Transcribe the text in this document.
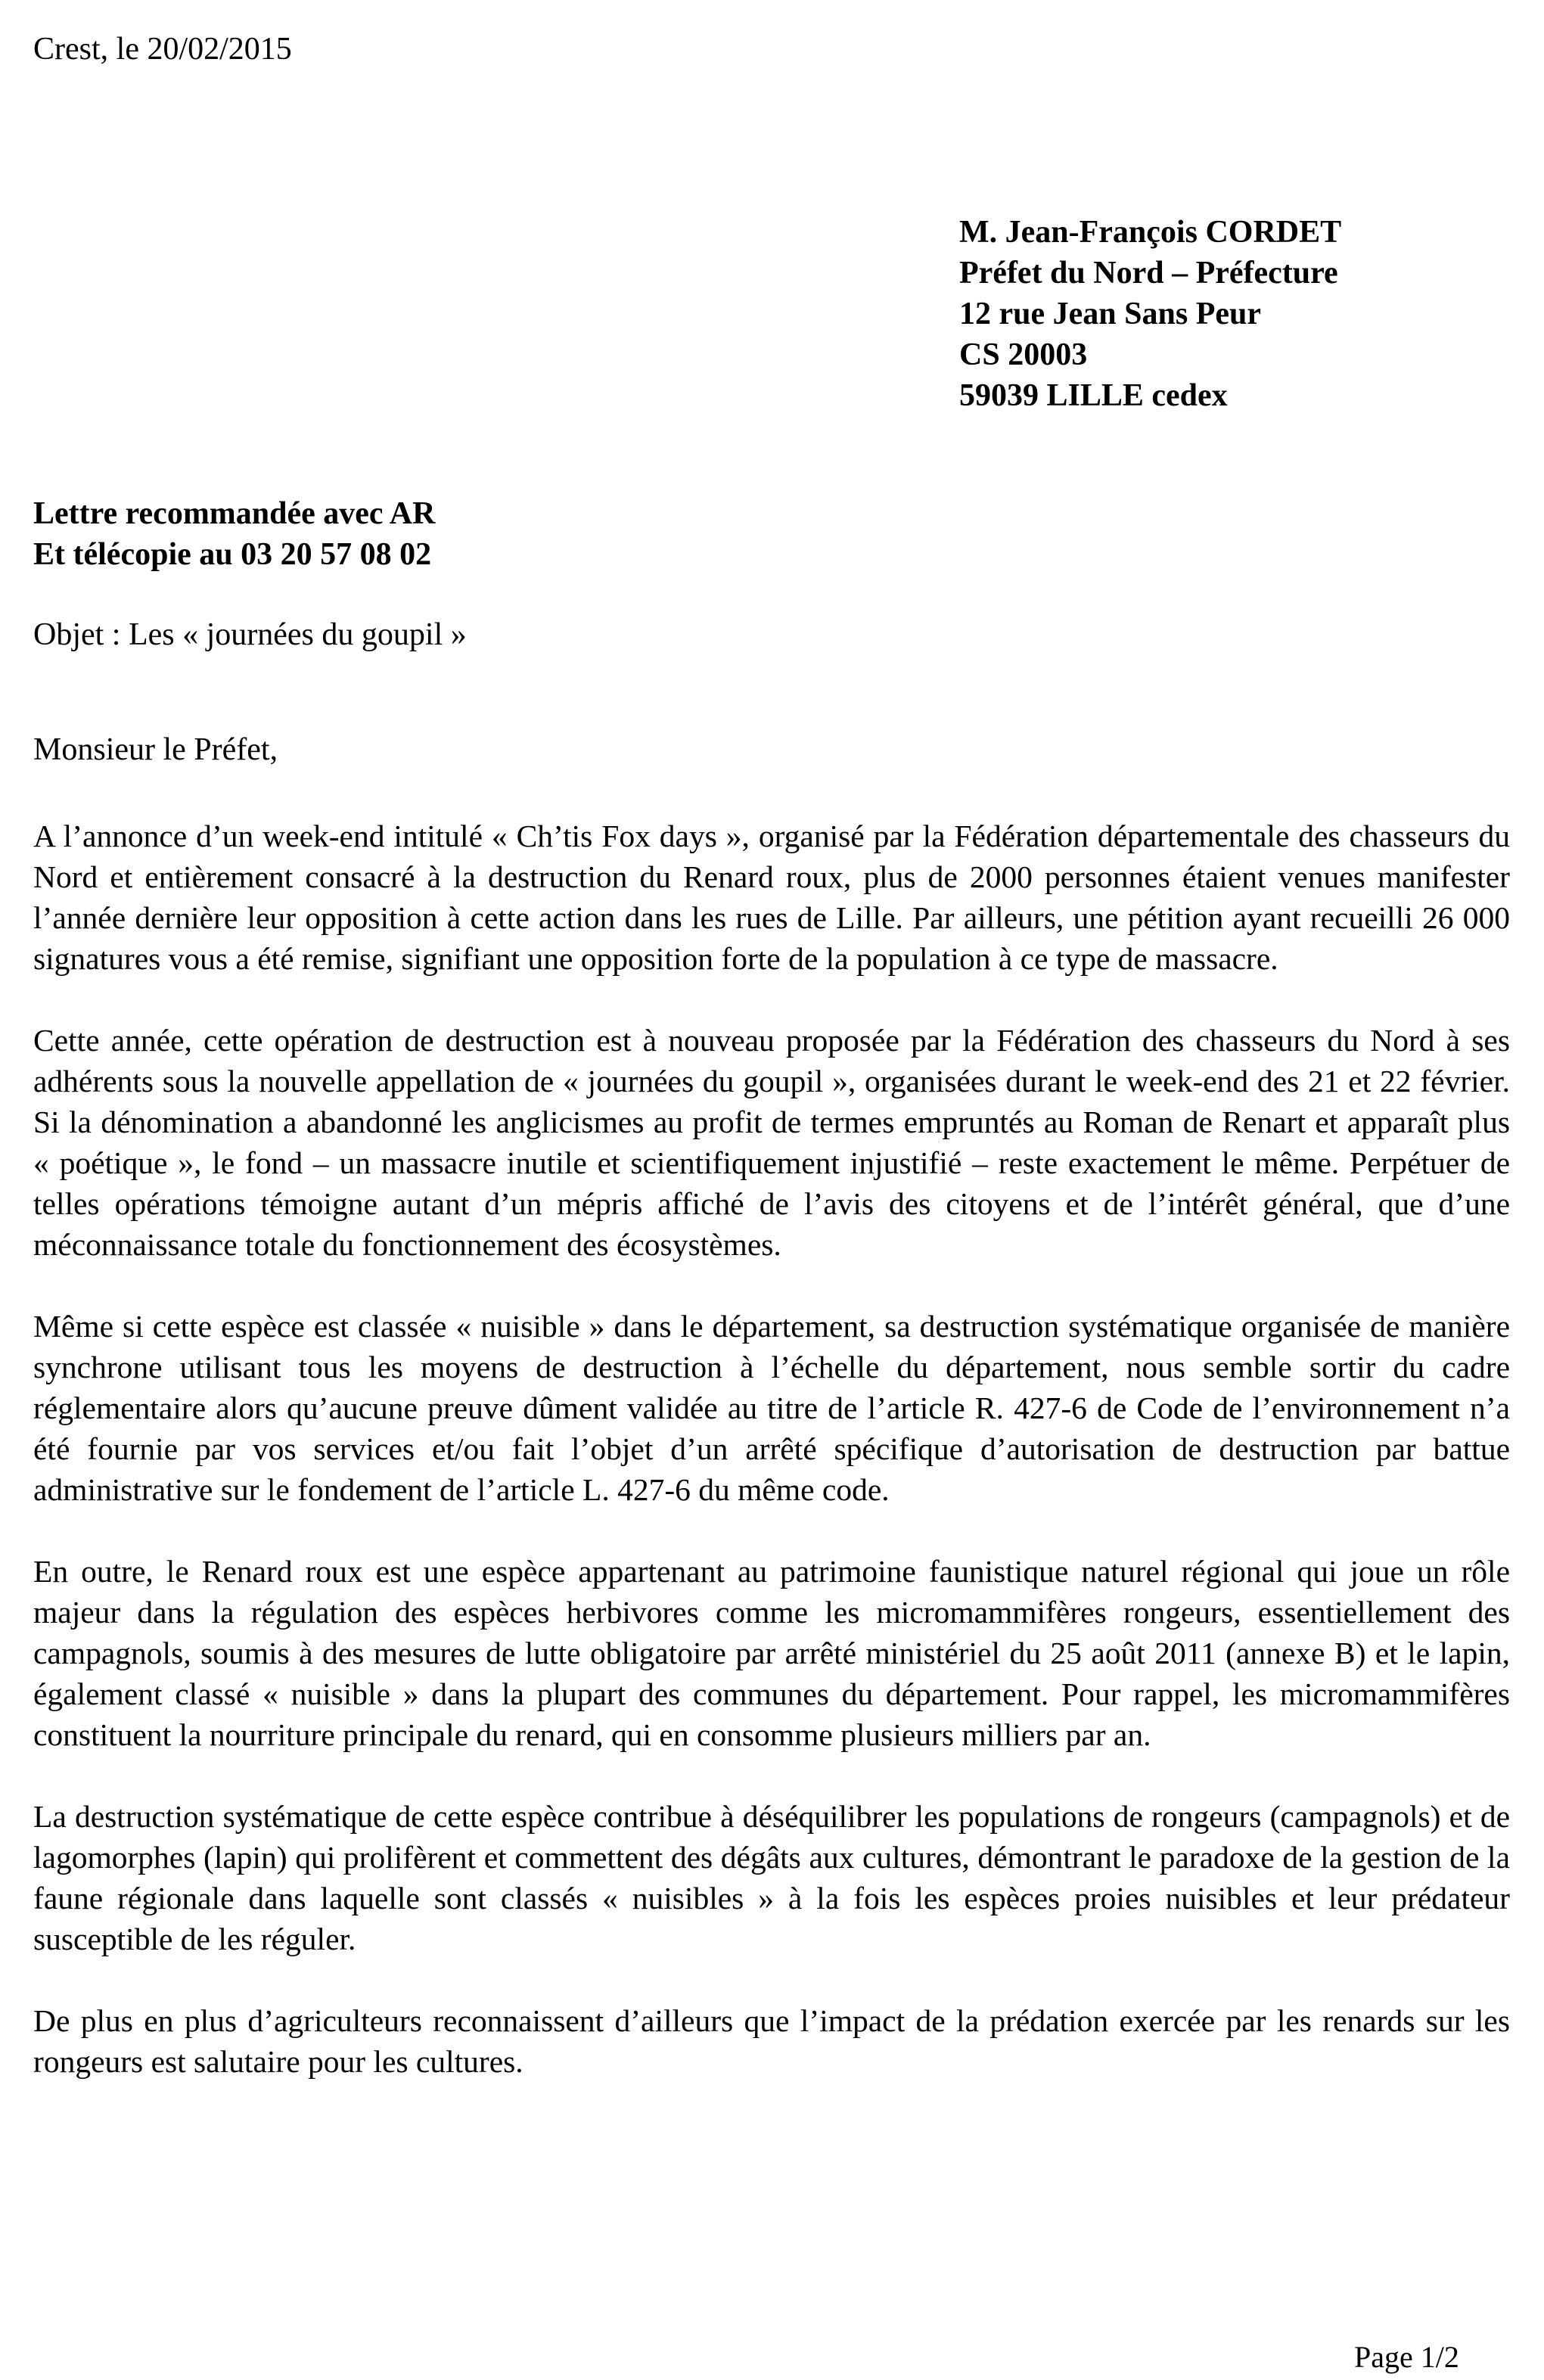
Crest, le 20/02/2015
M. Jean-François CORDET
Préfet du Nord – Préfecture
12 rue Jean Sans Peur
CS 20003
59039 LILLE cedex
Lettre recommandée avec AR
Et télécopie au 03 20 57 08 02
Objet : Les « journées du goupil »
Monsieur le Préfet,

A l’annonce d’un week-end intitulé « Ch’tis Fox days », organisé par la Fédération départementale des chasseurs du Nord et entièrement consacré à la destruction du Renard roux, plus de 2000 personnes étaient venues manifester l’année dernière leur opposition à cette action dans les rues de Lille. Par ailleurs, une pétition ayant recueilli 26 000 signatures vous a été remise, signifiant une opposition forte de la population à ce type de massacre.

Cette année, cette opération de destruction est à nouveau proposée par la Fédération des chasseurs du Nord à ses adhérents sous la nouvelle appellation de « journées du goupil », organisées durant le week-end des 21 et 22 février. Si la dénomination a abandonné les anglicismes au profit de termes empruntés au Roman de Renart et apparaît plus « poétique », le fond – un massacre inutile et scientifiquement injustifié – reste exactement le même. Perpétuer de telles opérations témoigne autant d’un mépris affiché de l’avis des citoyens et de l’intérêt général, que d’une méconnaissance totale du fonctionnement des écosystèmes.

Même si cette espèce est classée « nuisible » dans le département, sa destruction systématique organisée de manière synchrone utilisant tous les moyens de destruction à l’échelle du département, nous semble sortir du cadre réglementaire alors qu’aucune preuve dûment validée au titre de l’article R. 427-6 de Code de l’environnement n’a été fournie par vos services et/ou fait l’objet d’un arrêté spécifique d’autorisation de destruction par battue administrative sur le fondement de l’article L. 427-6 du même code.

En outre, le Renard roux est une espèce appartenant au patrimoine faunistique naturel régional qui joue un rôle majeur dans la régulation des espèces herbivores comme les micromammifères rongeurs, essentiellement des campagnols, soumis à des mesures de lutte obligatoire par arrêté ministériel du 25 août 2011 (annexe B) et le lapin, également classé « nuisible » dans la plupart des communes du département. Pour rappel, les micromammifères constituent la nourriture principale du renard, qui en consomme plusieurs milliers par an.

La destruction systématique de cette espèce contribue à déséquilibrer les populations de rongeurs (campagnols) et de lagomorphes (lapin) qui prolifèrent et commettent des dégâts aux cultures, démontrant le paradoxe de la gestion de la faune régionale dans laquelle sont classés « nuisibles » à la fois les espèces proies nuisibles et leur prédateur susceptible de les réguler.

De plus en plus d’agriculteurs reconnaissent d’ailleurs que l’impact de la prédation exercée par les renards sur les rongeurs est salutaire pour les cultures.

Page 1/2
